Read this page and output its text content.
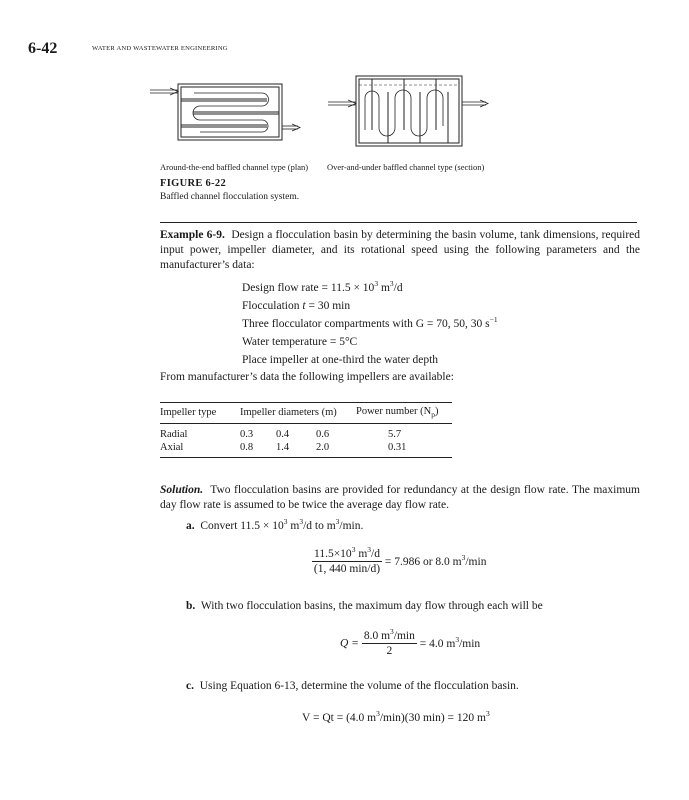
6-42	WATER AND WASTEWATER ENGINEERING
Around-the-end baffled channel type (plan) Over-and-under baffled channel type (section)
FIGURE 6-22
Baffled channel flocculation system.
Example 6-9. Design a flocculation basin by determining the basin volume, tank dimensions, required input power, impeller diameter, and its rotational speed using the following parameters and the manufacturer’s data:
Design flow rate = $11.5 \times 10^3$ $m^3/d$
Flocculation t = 30 min
Three flocculator compartments with G = 70, 50, 30 $s^{-1}$
Water temperature = 5°C
Place impeller at one-third the water depth
From manufacturer’s data the following impellers are available:
Impeller type	Impeller diameters (m)			Power number $(N_p)$
Radial	0.3	0.4	0.6	5.7
Axial	0.8	1.4	2.0	0.31
Solution. Two flocculation basins are provided for redundancy at the design flow rate. The maximum day flow rate is assumed to be twice the average day flow rate.
a. Convert $11.5 \times 10^3$ $m^3/d$ to $m^3/\min$.
$\frac{11.5\times 10^3 m^3/d}{(1, 440 \min/d)} = 7.986$ or 8.0 $m^3/\min$
b. With two flocculation basins, the maximum day flow through each will be
$Q = \frac{8.0 m^3/\min}{2} = 4.0$ $m^3/\min$
c. Using Equation 6-13, determine the volume of the flocculation basin.
V = Qt = (4.0 $m^3/\min)(30$ min) = 120 $m^3$
